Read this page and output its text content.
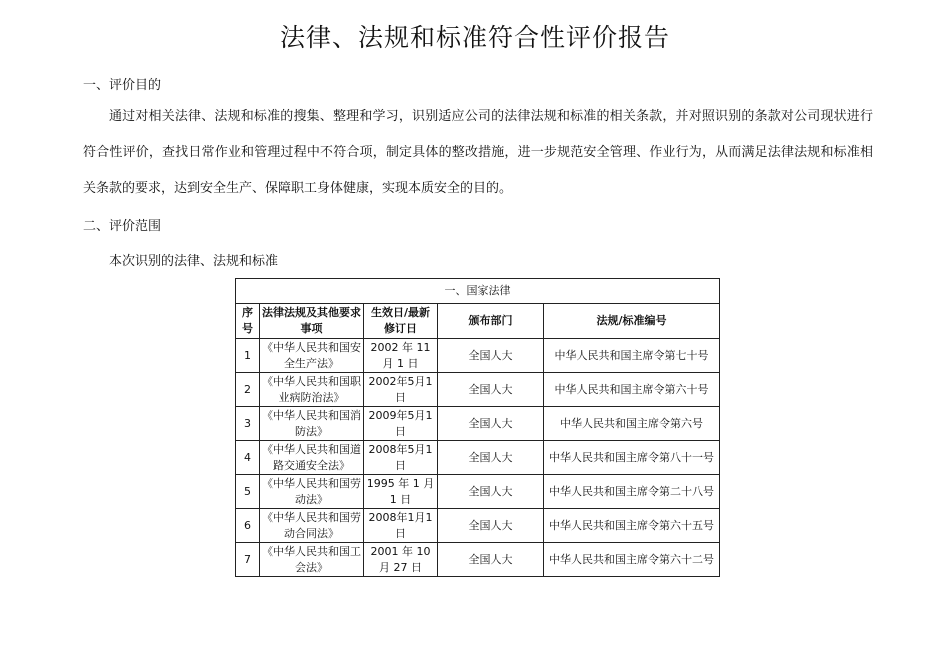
法律、法规和标准符合性评价报告
一、评价目的

通过对相关法律、法规和标准的搜集、整理和学习，识别适应公司的法律法规和标准的相关条款，并对照识别的条款对公司现状进行符合性评价，查找日常作业和管理过程中不符合项，制定具体的整改措施，进一步规范安全管理、作业行为，从而满足法律法规和标准相关条款的要求，达到安全生产、保障职工身体健康，实现本质安全的目的。

二、评价范围

本次识别的法律、法规和标准

一、国家法律				
序号	法律法规及其他要求事项	生效日/最新修订日	颁布部门	法规/标准编号
1	《中华人民共和国安全生产法》	2002 年 11 月 1 日	全国人大	中华人民共和国主席令第七十号
2	《中华人民共和国职业病防治法》	2002年5月1日	全国人大	中华人民共和国主席令第六十号
3	《中华人民共和国消防法》	2009年5月1日	全国人大	中华人民共和国主席令第六号
4	《中华人民共和国道路交通安全法》	2008年5月1日	全国人大	中华人民共和国主席令第八十一号
5	《中华人民共和国劳动法》	1995 年 1 月 1 日	全国人大	中华人民共和国主席令第二十八号
6	《中华人民共和国劳动合同法》	2008年1月1日	全国人大	中华人民共和国主席令第六十五号
7	《中华人民共和国工会法》	2001 年 10 月 27 日	全国人大	中华人民共和国主席令第六十二号
